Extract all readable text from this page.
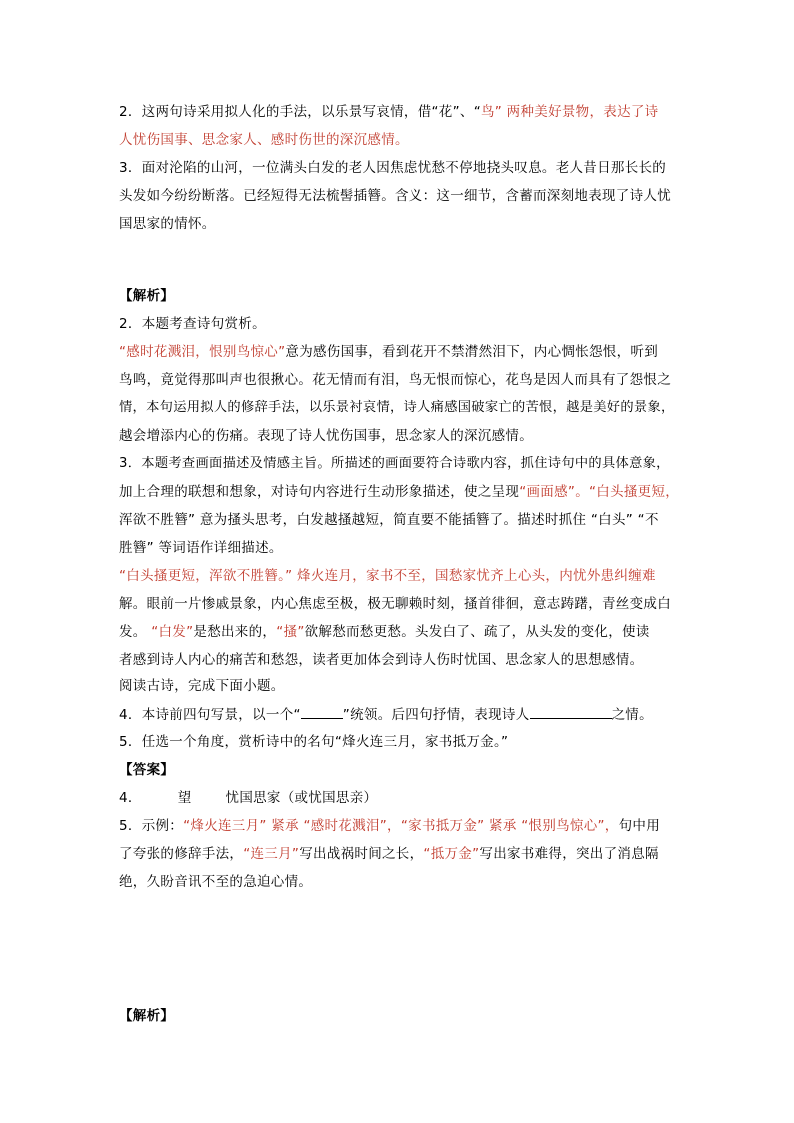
2．这两句诗采用拟人化的手法，以乐景写哀情，借“花”、“鸟” 两种美好景物，表达了诗
人忧伤国事、思念家人、感时伤世的深沉感情。
3．面对沦陷的山河，一位满头白发的老人因焦虑忧愁不停地挠头叹息。老人昔日那长长的
头发如今纷纷断落。已经短得无法梳髻插簪。含义：这一细节，含蓄而深刻地表现了诗人忧
国思家的情怀。
【解析】
2．本题考查诗句赏析。
“感时花溅泪，恨别鸟惊心”意为感伤国事，看到花开不禁潸然泪下，内心惆怅怨恨，听到
鸟鸣，竟觉得那叫声也很揪心。花无情而有泪，鸟无恨而惊心，花鸟是因人而具有了怨恨之
情，本句运用拟人的修辞手法，以乐景衬哀情，诗人痛感国破家亡的苦恨，越是美好的景象，
越会增添内心的伤痛。表现了诗人忧伤国事，思念家人的深沉感情。
3．本题考查画面描述及情感主旨。所描述的画面要符合诗歌内容，抓住诗句中的具体意象，
加上合理的联想和想象，对诗句内容进行生动形象描述，使之呈现“画面感”。“白头搔更短，
浑欲不胜簪” 意为搔头思考，白发越搔越短，简直要不能插簪了。描述时抓住 “白头” “不
胜簪” 等词语作详细描述。
“白头搔更短，浑欲不胜簪。” 烽火连月，家书不至，国愁家忧齐上心头，内忧外患纠缠难
解。眼前一片惨戚景象，内心焦虑至极，极无聊赖时刻，搔首徘徊，意志踌躇，青丝变成白
发。 “白发”是愁出来的，“搔”欲解愁而愁更愁。头发白了、疏了，从头发的变化，使读
者感到诗人内心的痛苦和愁怨，读者更加体会到诗人伤时忧国、思念家人的思想感情。
阅读古诗，完成下面小题。
4．本诗前四句写景，以一个“	”统领。后四句抒情，表现诗人	之情。
5．任选一个角度，赏析诗中的名句“烽火连三月，家书抵万金。”
【答案】
4．	望	忧国思家（或忧国思亲）
5．示例：“烽火连三月” 紧承 “感时花溅泪”，“家书抵万金” 紧承 “恨别鸟惊心”，句中用
了夸张的修辞手法，“连三月”写出战祸时间之长，“抵万金”写出家书难得，突出了消息隔
绝，久盼音讯不至的急迫心情。
【解析】
